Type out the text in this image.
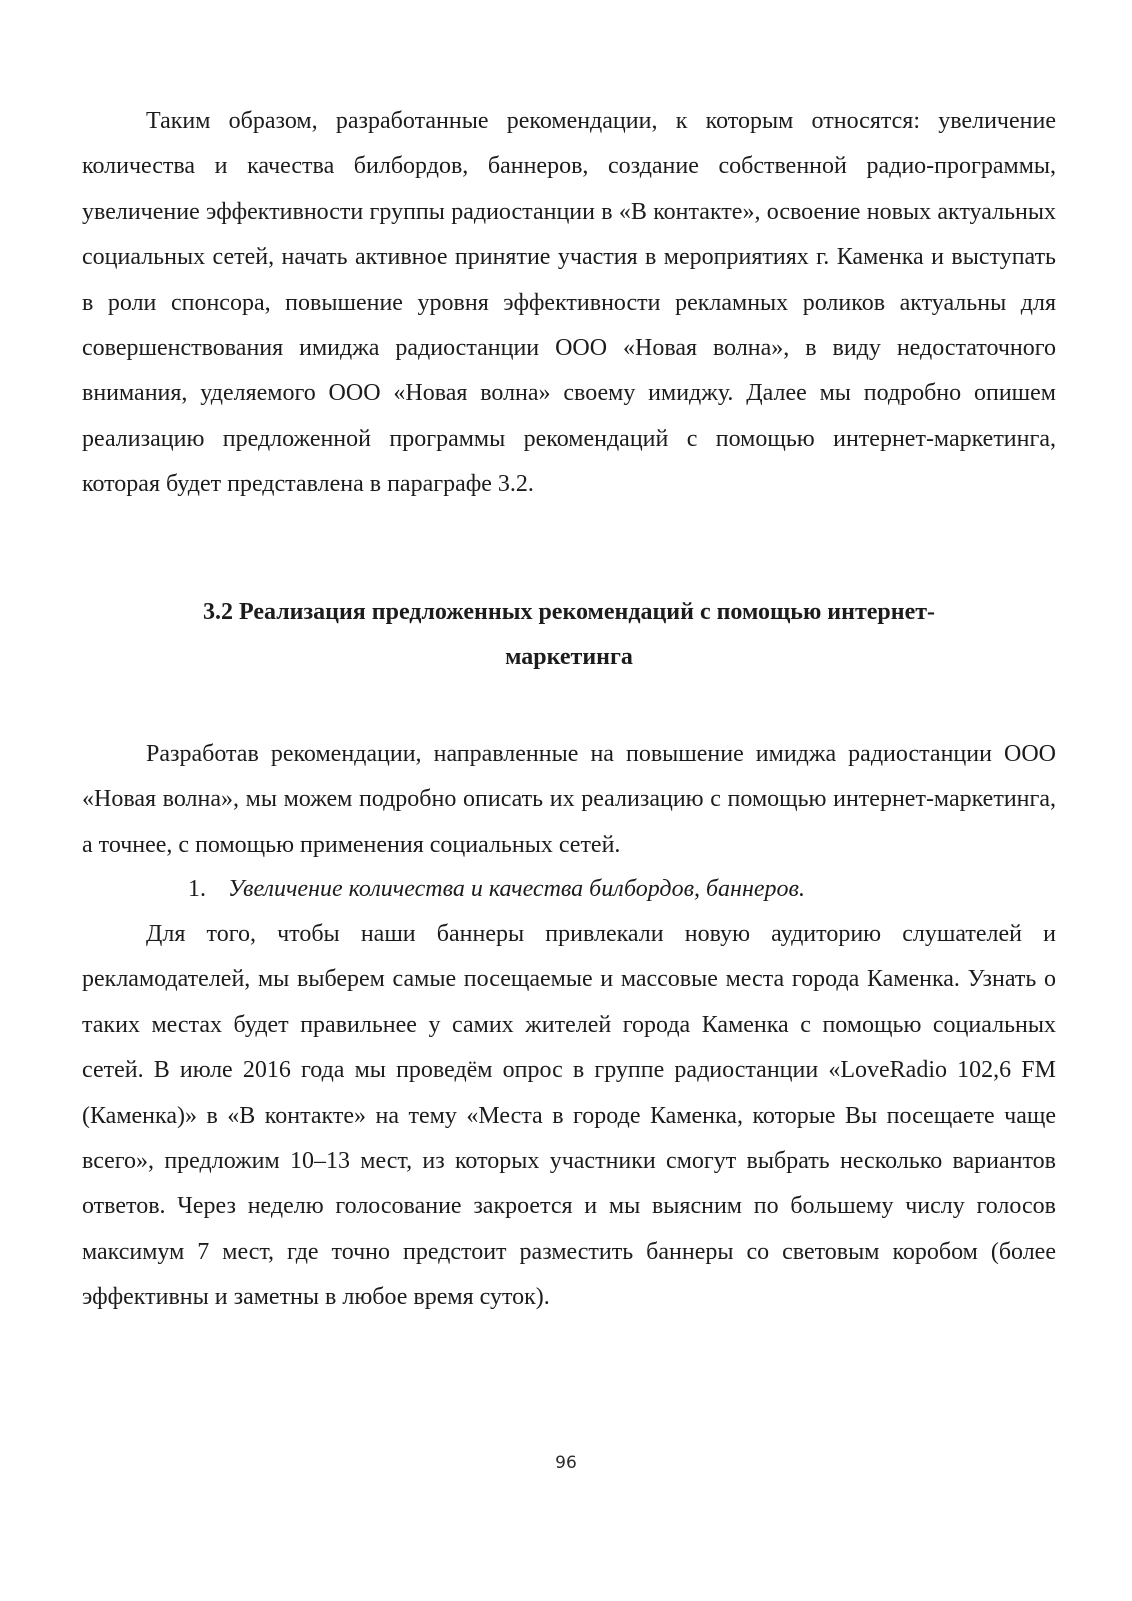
Таким образом, разработанные рекомендации, к которым относятся: увеличение количества и качества билбордов, баннеров, создание собственной радио-программы, увеличение эффективности группы радиостанции в «В контакте», освоение новых актуальных социальных сетей, начать активное принятие участия в мероприятиях г. Каменка и выступать в роли спонсора, повышение уровня эффективности рекламных роликов актуальны для совершенствования имиджа радиостанции ООО «Новая волна», в виду недостаточного внимания, уделяемого ООО «Новая волна» своему имиджу. Далее мы подробно опишем реализацию предложенной программы рекомендаций с помощью интернет-маркетинга, которая будет представлена в параграфе 3.2.

3.2 Реализация предложенных рекомендаций с помощью интернет-
маркетинга

Разработав рекомендации, направленные на повышение имиджа радиостанции ООО «Новая волна», мы можем подробно описать их реализацию с помощью интернет-маркетинга, а точнее, с помощью применения социальных сетей.

1. Увеличение количества и качества билбордов, баннеров.

Для того, чтобы наши баннеры привлекали новую аудиторию слушателей и рекламодателей, мы выберем самые посещаемые и массовые места города Каменка. Узнать о таких местах будет правильнее у самих жителей города Каменка с помощью социальных сетей. В июле 2016 года мы проведём опрос в группе радиостанции «LoveRadio 102,6 FM (Каменка)» в «В контакте» на тему «Места в городе Каменка, которые Вы посещаете чаще всего», предложим 10–13 мест, из которых участники смогут выбрать несколько вариантов ответов. Через неделю голосование закроется и мы выясним по большему числу голосов максимум 7 мест, где точно предстоит разместить баннеры со световым коробом (более эффективны и заметны в любое время суток).

96
